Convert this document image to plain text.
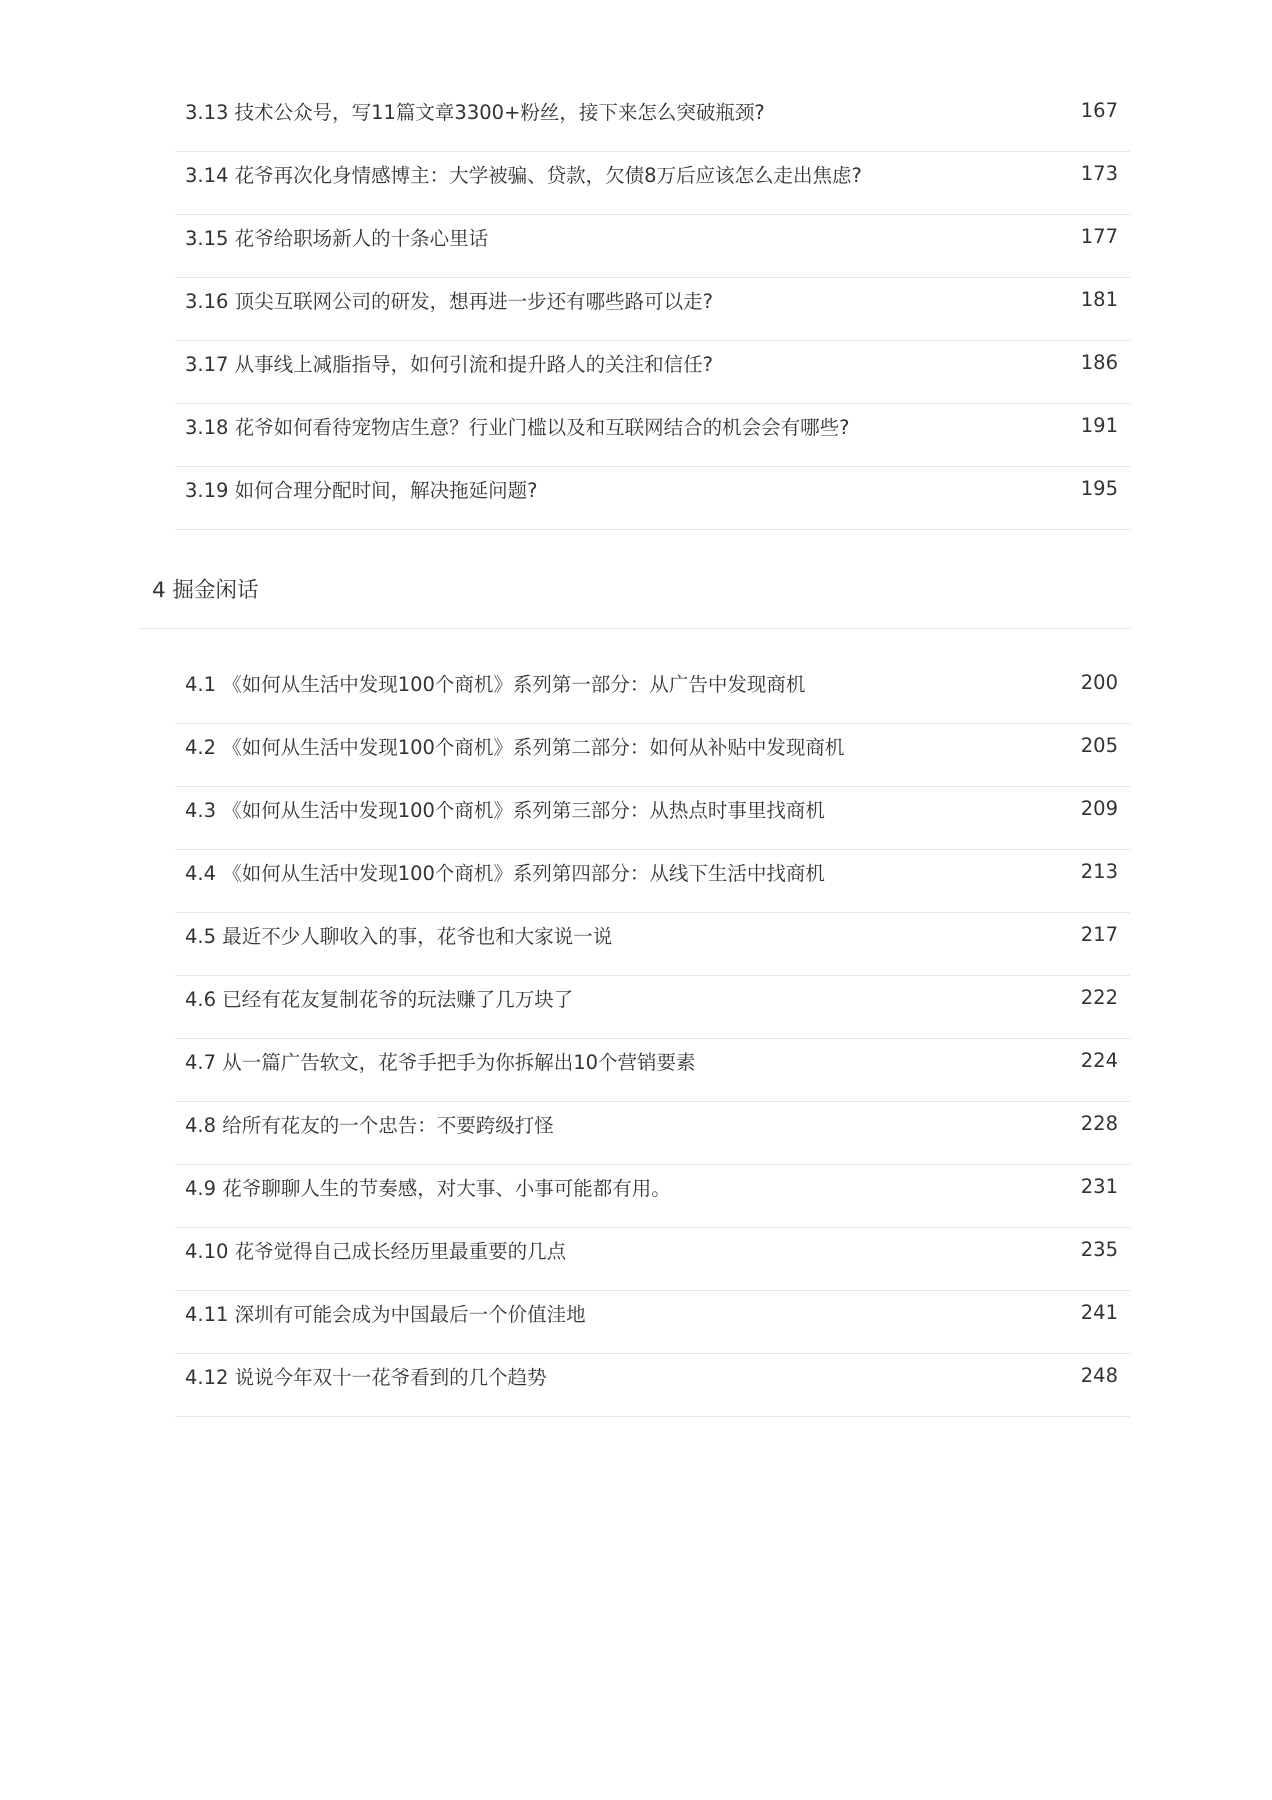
3.13 技术公众号，写11篇文章3300+粉丝，接下来怎么突破瓶颈?	167
3.14 花爷再次化身情感博主：大学被骗、贷款，欠债8万后应该怎么走出焦虑?	173
3.15 花爷给职场新人的十条心里话	177
3.16 顶尖互联网公司的研发，想再进一步还有哪些路可以走?	181
3.17 从事线上减脂指导，如何引流和提升路人的关注和信任?	186
3.18 花爷如何看待宠物店生意？行业门槛以及和互联网结合的机会会有哪些?	191
3.19 如何合理分配时间，解决拖延问题?	195
4 掘金闲话
4.1 《如何从生活中发现100个商机》系列第一部分：从广告中发现商机	200
4.2 《如何从生活中发现100个商机》系列第二部分：如何从补贴中发现商机	205
4.3 《如何从生活中发现100个商机》系列第三部分：从热点时事里找商机	209
4.4 《如何从生活中发现100个商机》系列第四部分：从线下生活中找商机	213
4.5 最近不少人聊收入的事，花爷也和大家说一说	217
4.6 已经有花友复制花爷的玩法赚了几万块了	222
4.7 从一篇广告软文，花爷手把手为你拆解出10个营销要素	224
4.8 给所有花友的一个忠告：不要跨级打怪	228
4.9 花爷聊聊人生的节奏感，对大事、小事可能都有用。	231
4.10 花爷觉得自己成长经历里最重要的几点	235
4.11 深圳有可能会成为中国最后一个价值洼地	241
4.12 说说今年双十一花爷看到的几个趋势	248
